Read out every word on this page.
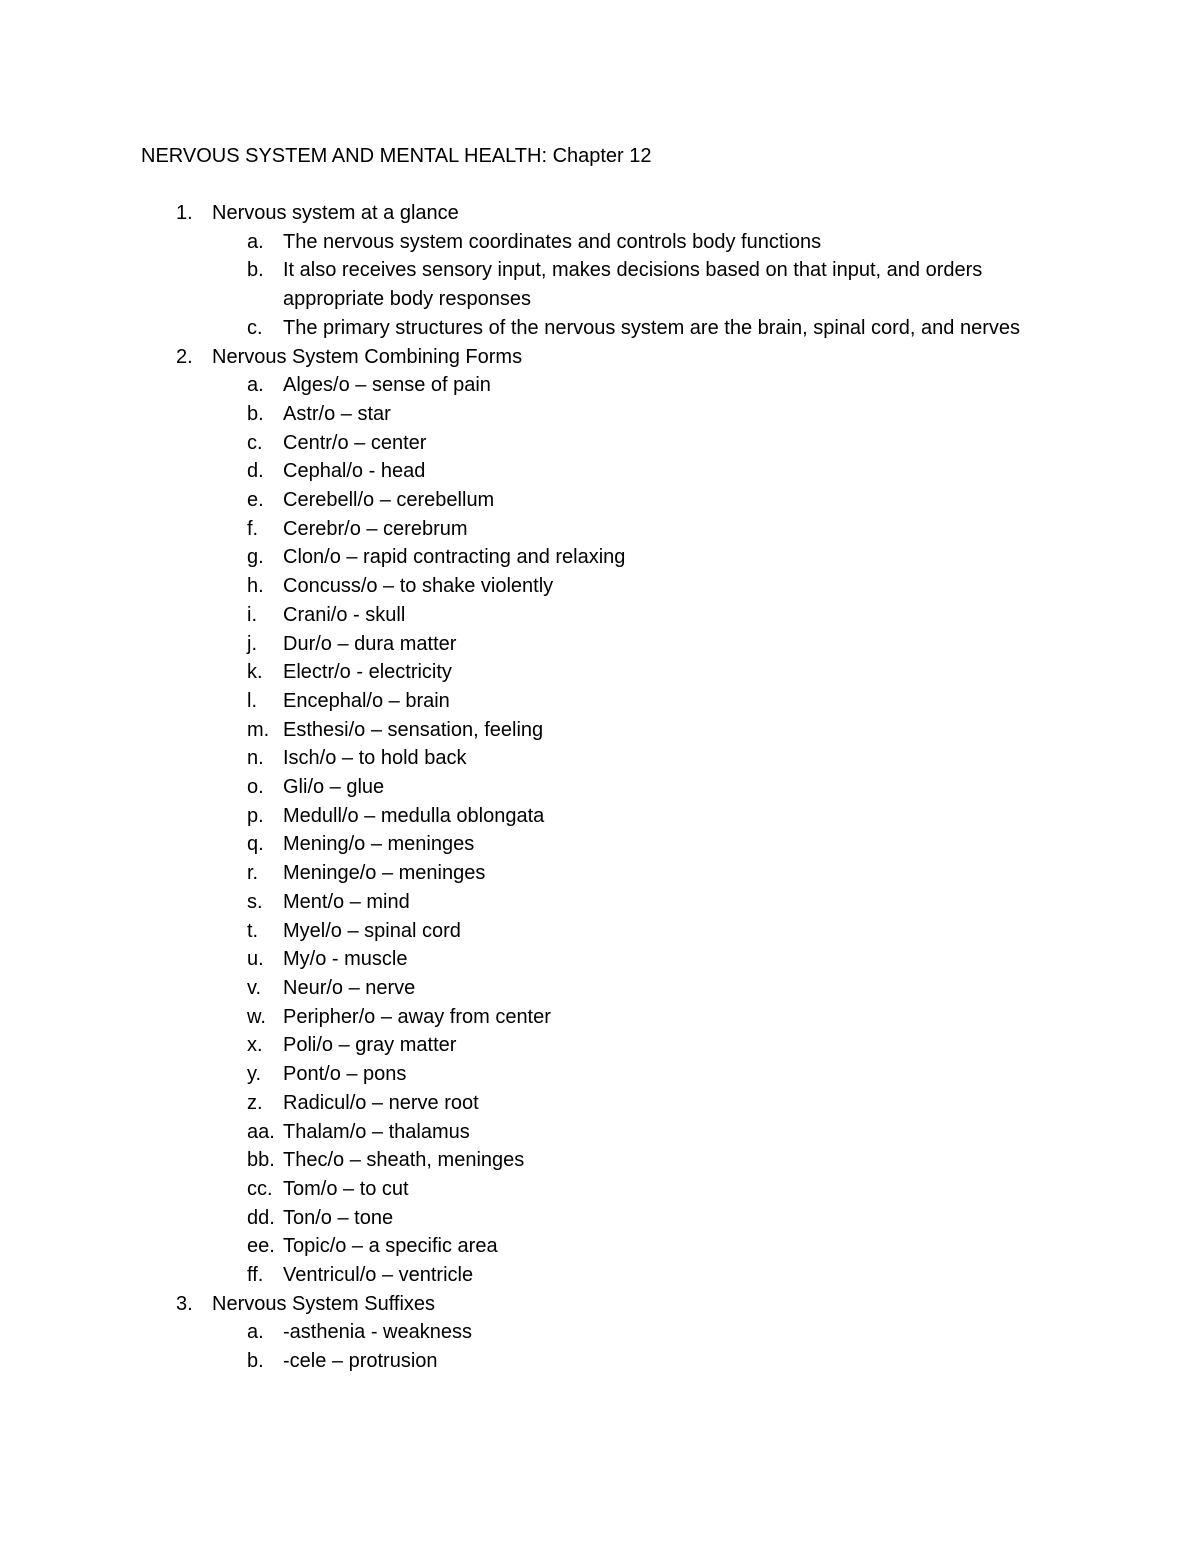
NERVOUS SYSTEM AND MENTAL HEALTH: Chapter 12
1. Nervous system at a glance
a. The nervous system coordinates and controls body functions
b. It also receives sensory input, makes decisions based on that input, and orders appropriate body responses
c. The primary structures of the nervous system are the brain, spinal cord, and nerves
2. Nervous System Combining Forms
a. Alges/o – sense of pain
b. Astr/o – star
c. Centr/o – center
d. Cephal/o - head
e. Cerebell/o – cerebellum
f. Cerebr/o – cerebrum
g. Clon/o – rapid contracting and relaxing
h. Concuss/o – to shake violently
i. Crani/o - skull
j. Dur/o – dura matter
k. Electr/o - electricity
l. Encephal/o – brain
m. Esthesi/o – sensation, feeling
n. Isch/o – to hold back
o. Gli/o – glue
p. Medull/o – medulla oblongata
q. Mening/o – meninges
r. Meninge/o – meninges
s. Ment/o – mind
t. Myel/o – spinal cord
u. My/o - muscle
v. Neur/o – nerve
w. Peripher/o – away from center
x. Poli/o – gray matter
y. Pont/o – pons
z. Radicul/o – nerve root
aa. Thalam/o – thalamus
bb. Thec/o – sheath, meninges
cc. Tom/o – to cut
dd. Ton/o – tone
ee. Topic/o – a specific area
ff. Ventricul/o – ventricle
3. Nervous System Suffixes
a. -asthenia - weakness
b. -cele – protrusion
